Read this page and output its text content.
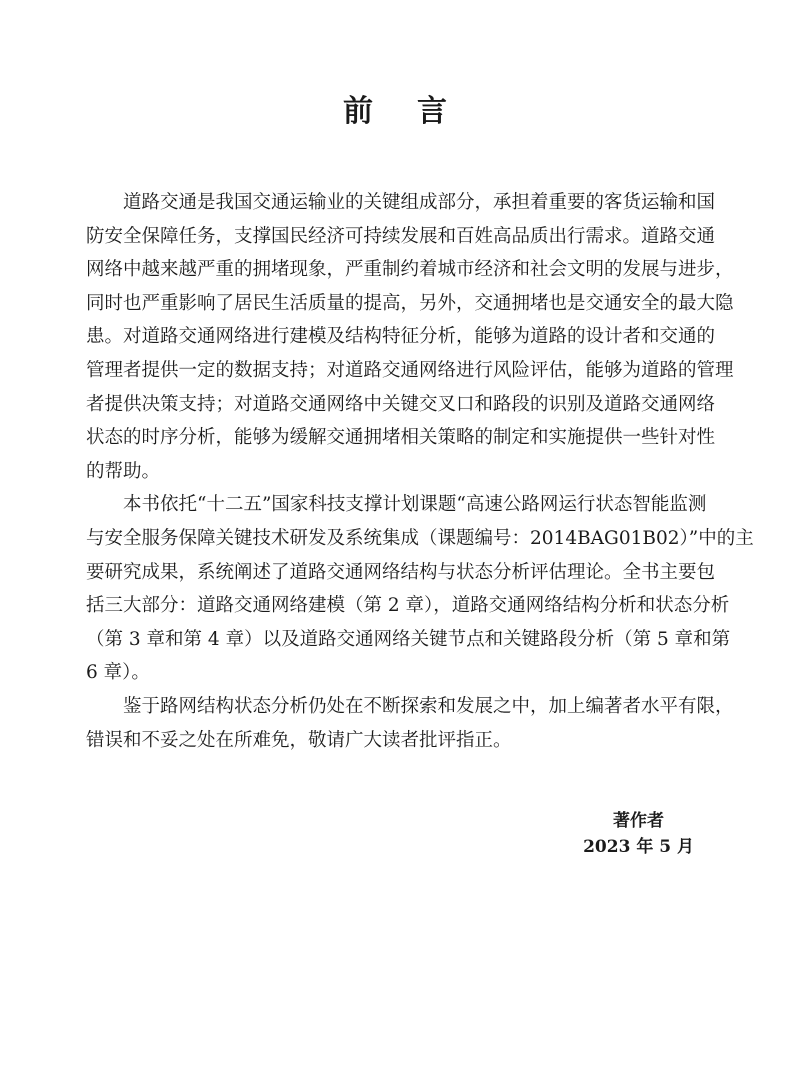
前言
道路交通是我国交通运输业的关键组成部分，承担着重要的客货运输和国
防安全保障任务，支撑国民经济可持续发展和百姓高品质出行需求。道路交通
网络中越来越严重的拥堵现象，严重制约着城市经济和社会文明的发展与进步，
同时也严重影响了居民生活质量的提高，另外，交通拥堵也是交通安全的最大隐
患。对道路交通网络进行建模及结构特征分析，能够为道路的设计者和交通的
管理者提供一定的数据支持；对道路交通网络进行风险评估，能够为道路的管理
者提供决策支持；对道路交通网络中关键交叉口和路段的识别及道路交通网络
状态的时序分析，能够为缓解交通拥堵相关策略的制定和实施提供一些针对性
的帮助。
本书依托“十二五”国家科技支撑计划课题“高速公路网运行状态智能监测
与安全服务保障关键技术研发及系统集成（课题编号：2014BAG01B02）”中的主
要研究成果，系统阐述了道路交通网络结构与状态分析评估理论。全书主要包
括三大部分：道路交通网络建模（第 2 章），道路交通网络结构分析和状态分析
（第 3 章和第 4 章）以及道路交通网络关键节点和关键路段分析（第 5 章和第
6 章）。
鉴于路网结构状态分析仍处在不断探索和发展之中，加上编著者水平有限，
错误和不妥之处在所难免，敬请广大读者批评指正。
著作者
2023 年 5 月
